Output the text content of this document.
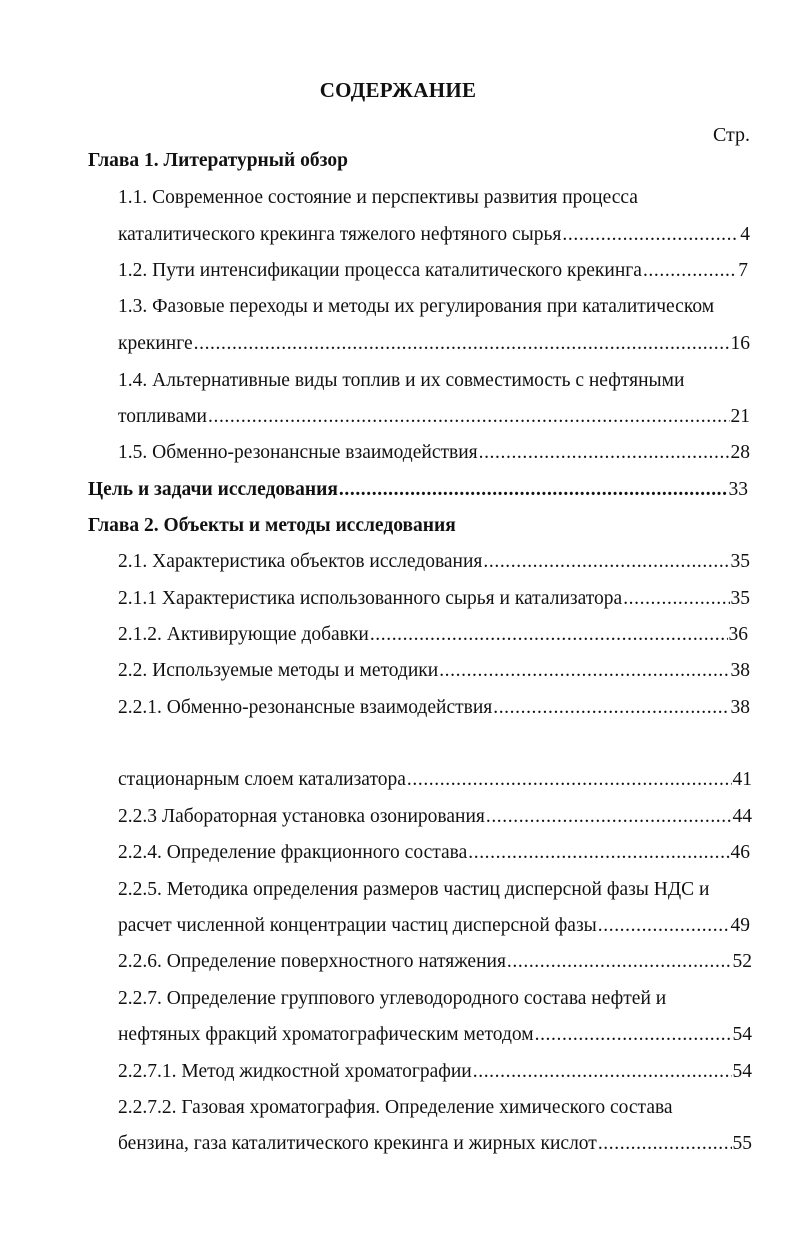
СОДЕРЖАНИЕ
Стр.
Глава 1. Литературный обзор
1.1. Современное состояние и перспективы развития процесса
каталитического крекинга тяжелого нефтяного сырья .....	4
1.2. Пути интенсификации процесса каталитического крекинга .....	7
1.3. Фазовые переходы и методы их регулирования при каталитическом
крекинге .....	16
1.4. Альтернативные виды топлив и их совместимость с нефтяными
топливами .....	21
1.5. Обменно-резонансные взаимодействия .....	28
Цель и задачи исследования .....	33
Глава 2. Объекты и методы исследования
2.1. Характеристика объектов исследования .....	35
2.1.1 Характеристика использованного сырья и катализатора .....	35
2.1.2. Активирующие добавки .....	36
2.2. Используемые методы и методики .....	38
2.2.1. Обменно-резонансные взаимодействия .....	38

стационарным слоем катализатора .....	41
2.2.3 Лабораторная установка озонирования .....	44
2.2.4. Определение фракционного состава .....	46
2.2.5. Методика определения размеров частиц дисперсной фазы НДС и
расчет численной концентрации частиц дисперсной фазы .....	49
2.2.6. Определение поверхностного натяжения .....	52
2.2.7. Определение группового углеводородного состава нефтей и
нефтяных фракций хроматографическим методом .....	54
2.2.7.1. Метод жидкостной хроматографии .....	54
2.2.7.2. Газовая хроматография. Определение химического состава
бензина, газа каталитического крекинга и жирных кислот .....	55
